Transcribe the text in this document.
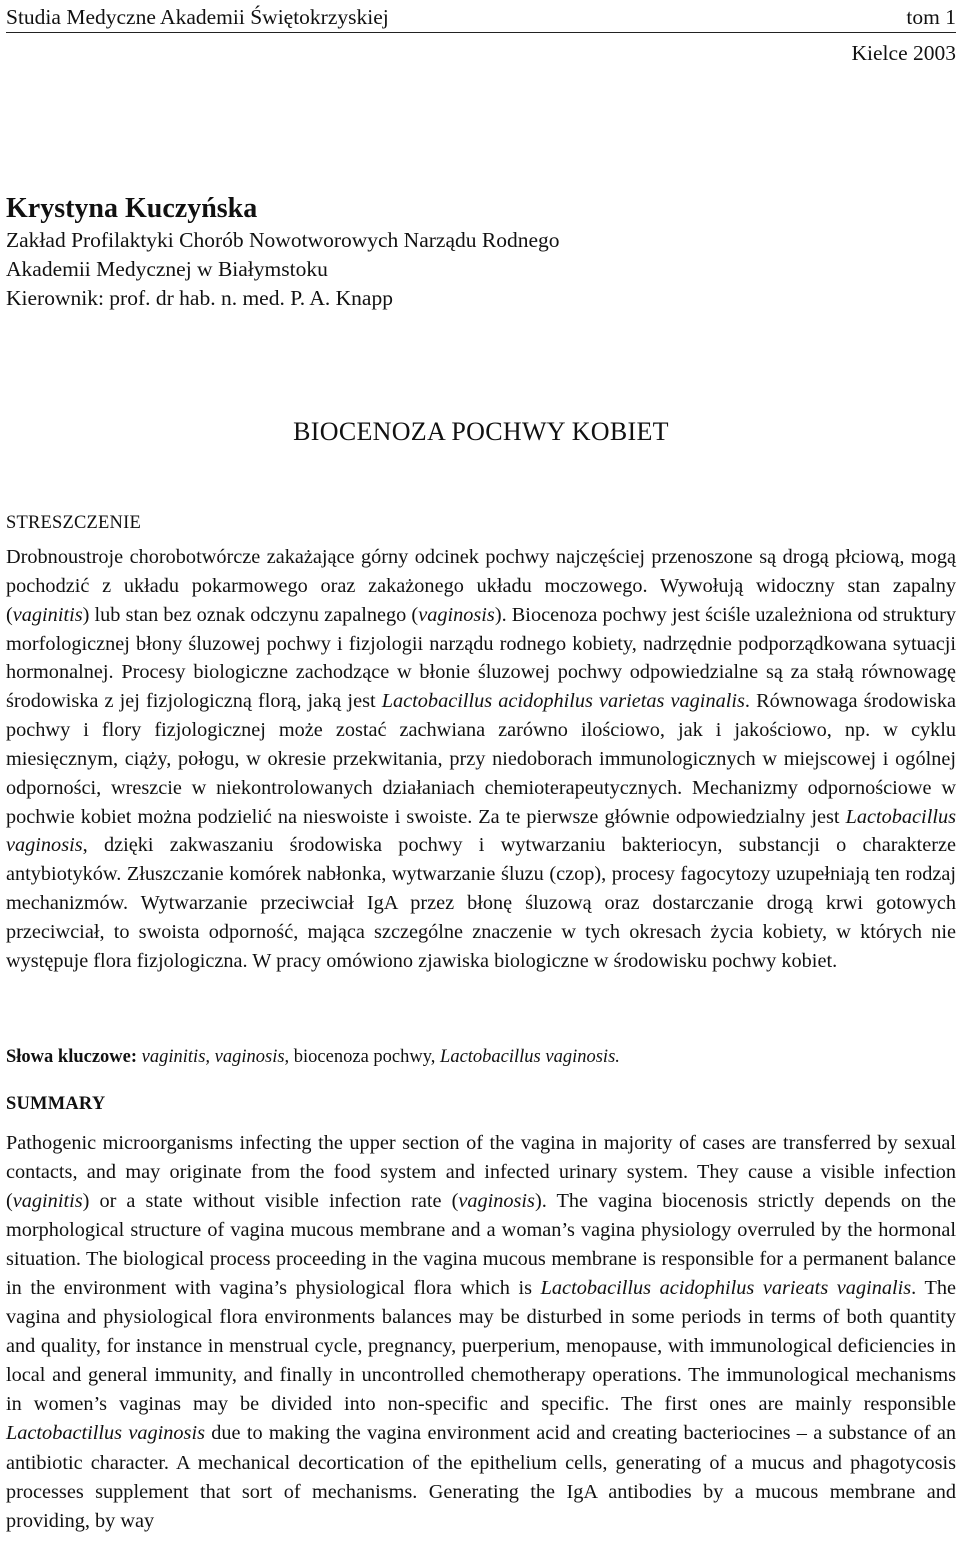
Studia Medyczne Akademii Świętokrzyskiej	tom 1
Kielce 2003

Krystyna Kuczyńska

Zakład Profilaktyki Chorób Nowotworowych Narządu Rodnego

Akademii Medycznej w Białymstoku

Kierownik: prof. dr hab. n. med. P. A. Knapp

BIOCENOZA POCHWY KOBIET
STRESZCZENIE

Drobnoustroje chorobotwórcze zakażające górny odcinek pochwy najczęściej przenoszone są drogą płciową, mogą pochodzić z układu pokarmowego oraz zakażonego układu moczowego. Wywołują widoczny stan zapalny (vaginitis) lub stan bez oznak odczynu zapalnego (vaginosis). Biocenoza pochwy jest ściśle uzależniona od struktury morfologicznej błony śluzowej pochwy i fizjologii narządu rodnego kobiety, nadrzędnie podporządkowana sytuacji hormonalnej. Procesy biologiczne zachodzące w błonie śluzowej pochwy odpowiedzialne są za stałą równowagę środowiska z jej fizjologiczną florą, jaką jest Lactobacillus acidophilus varietas vaginalis. Równowaga środowiska pochwy i flory fizjologicznej może zostać zachwiana zarówno ilościowo, jak i jakościowo, np. w cyklu miesięcznym, ciąży, połogu, w okresie przekwitania, przy niedoborach immunologicznych w miejscowej i ogólnej odporności, wreszcie w niekontrolowanych działaniach chemioterapeutycznych. Mechanizmy odpornościowe w pochwie kobiet można podzielić na nieswoiste i swoiste. Za te pierwsze głównie odpowiedzialny jest Lactobacillus vaginosis, dzięki zakwaszaniu środowiska pochwy i wytwarzaniu bakteriocyn, substancji o charakterze antybiotyków. Złuszczanie komórek nabłonka, wytwarzanie śluzu (czop), procesy fagocytozy uzupełniają ten rodzaj mechanizmów. Wytwarzanie przeciwciał IgA przez błonę śluzową oraz dostarczanie drogą krwi gotowych przeciwciał, to swoista odporność, mająca szczególne znaczenie w tych okresach życia kobiety, w których nie występuje flora fizjologiczna. W pracy omówiono zjawiska biologiczne w środowisku pochwy kobiet.

Słowa kluczowe: vaginitis, vaginosis, biocenoza pochwy, Lactobacillus vaginosis.
SUMMARY

Pathogenic microorganisms infecting the upper section of the vagina in majority of cases are transferred by sexual contacts, and may originate from the food system and infected urinary system. They cause a visible infection (vaginitis) or a state without visible infection rate (vaginosis). The vagina biocenosis strictly depends on the morphological structure of vagina mucous membrane and a woman’s vagina physiology overruled by the hormonal situation. The biological process proceeding in the vagina mucous membrane is responsible for a permanent balance in the environment with vagina’s physiological flora which is Lactobacillus acidophilus varieats vaginalis. The vagina and physiological flora environments balances may be disturbed in some periods in terms of both quantity and quality, for instance in menstrual cycle, pregnancy, puerperium, menopause, with immunological deficiencies in local and general immunity, and finally in uncontrolled chemotherapy operations. The immunological mechanisms in women’s vaginas may be divided into non-specific and specific. The first ones are mainly responsible Lactobactillus vaginosis due to making the vagina environment acid and creating bacteriocines – a substance of an antibiotic character. A mechanical decortication of the epithelium cells, generating of a mucus and phagotycosis processes supplement that sort of mechanisms. Generating the IgA antibodies by a mucous membrane and providing, by way
